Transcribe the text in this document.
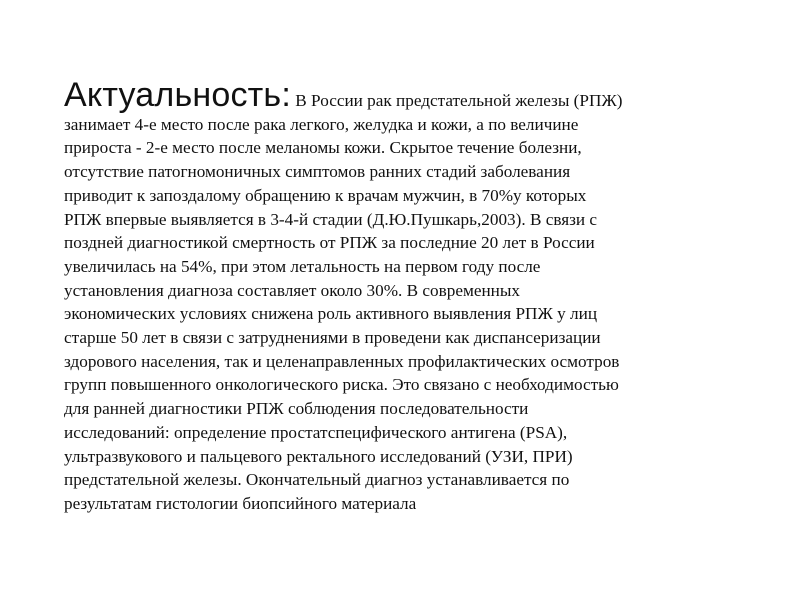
Актуальность: В России рак предстательной железы (РПЖ)
занимает 4-е место после рака легкого, желудка и кожи, а по величине
прироста - 2-е место после меланомы кожи. Скрытое течение болезни,
отсутствие патогномоничных симптомов ранних стадий заболевания
приводит к запоздалому обращению к врачам мужчин, в 70%у которых
РПЖ впервые выявляется в 3-4-й стадии (Д.Ю.Пушкарь,2003). В связи с
поздней диагностикой смертность от РПЖ за последние 20 лет в России
увеличилась на 54%, при этом летальность на первом году после
установления диагноза составляет около 30%. В современных
экономических условиях снижена роль активного выявления РПЖ у лиц
старше 50 лет в связи с затруднениями в проведени как диспансеризации
здорового населения, так и целенаправленных профилактических осмотров
групп повышенного онкологического риска. Это связано с необходимостью
для ранней диагностики РПЖ соблюдения последовательности
исследований: определение простатспецифического антигена (PSA),
ультразвукового и пальцевого ректального исследований (УЗИ, ПРИ)
предстательной железы. Окончательный диагноз устанавливается по
результатам гистологии биопсийного материала
